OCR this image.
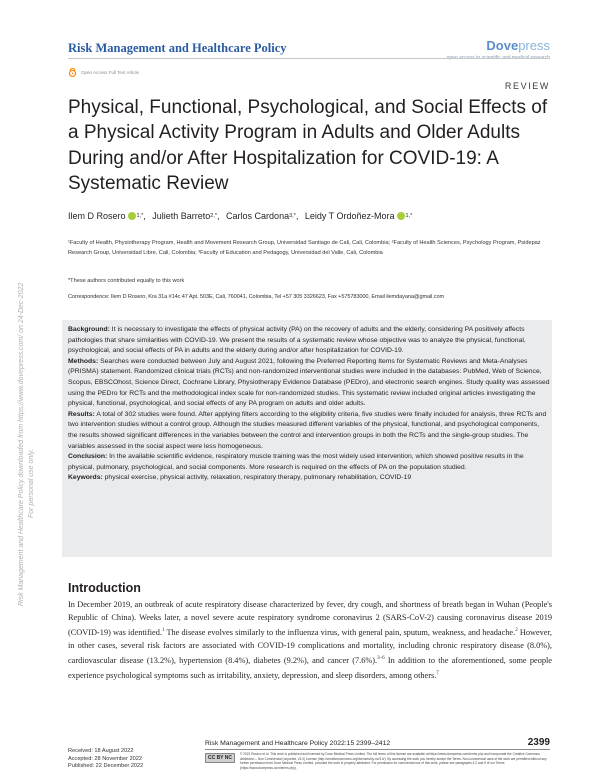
Risk Management and Healthcare Policy	Dovepress
open access to scientific and medical research
Open Access Full Text Article
REVIEW
Physical, Functional, Psychological, and Social Effects of a Physical Activity Program in Adults and Older Adults During and/or After Hospitalization for COVID-19: A Systematic Review
Ilem D Rosero 1,* , Julieth Barreto 2,* , Carlos Cardona 3,* , Leidy T Ordoñez-Mora 1,*
¹Faculty of Health, Physiotherapy Program, Health and Movement Research Group, Universidad Santiago de Cali, Cali, Colombia; ²Faculty of Health Sciences, Psychology Program, Psidepaz Research Group, Universidad Libre, Cali, Colombia; ³Faculty of Education and Pedagogy, Universidad del Valle, Cali, Colombia
*These authors contributed equally to this work
Correspondence: Ilem D Rosero, Kra 31a #14c 47 Apt. 503E, Cali, 760041, Colombia, Tel +57 305 3326623, Fax +575783000, Email ilemdayana@gmail.com

Background: It is necessary to investigate the effects of physical activity (PA) on the recovery of adults and the elderly, considering PA positively affects pathologies that share similarities with COVID-19. We present the results of a systematic review whose objective was to analyze the physical, functional, psychological, and social effects of PA in adults and the elderly during and/or after hospitalization for COVID-19.

Methods: Searches were conducted between July and August 2021, following the Preferred Reporting Items for Systematic Reviews and Meta-Analyses (PRISMA) statement. Randomized clinical trials (RCTs) and non-randomized interventional studies were included in the databases: PubMed, Web of Science, Scopus, EBSCOhost, Science Direct, Cochrane Library, Physiotherapy Evidence Database (PEDro), and electronic search engines. Study quality was assessed using the PEDro for RCTs and the methodological index scale for non-randomized studies. This systematic review included original articles investigating the physical, functional, psychological, and social effects of any PA program on adults and older adults.

Results: A total of 302 studies were found. After applying filters according to the eligibility criteria, five studies were finally included for analysis, three RCTs and two intervention studies without a control group. Although the studies measured different variables of the physical, functional, and psychological components, the results showed significant differences in the variables between the control and intervention groups in both the RCTs and the single-group studies. The variables assessed in the social aspect were less homogeneous.

Conclusion: In the available scientific evidence, respiratory muscle training was the most widely used intervention, which showed positive results in the physical, pulmonary, psychological, and social components. More research is required on the effects of PA on the population studied.

Keywords: physical exercise, physical activity, relaxation, respiratory therapy, pulmonary rehabilitation, COVID-19

Introduction
In December 2019, an outbreak of acute respiratory disease characterized by fever, dry cough, and shortness of breath began in Wuhan (People's Republic of China). Weeks later, a novel severe acute respiratory syndrome coronavirus 2 (SARS-CoV-2) causing coronavirus disease 2019 (COVID-19) was identified.$^1$ The disease evolves similarly to the influenza virus, with general pain, sputum, weakness, and headache.$^2$ However, in other cases, several risk factors are associated with COVID-19 complications and mortality, including chronic respiratory disease (8.0%), cardiovascular disease (13.2%), hypertension (8.4%), diabetes (9.2%), and cancer (7.6%).$^{3-6}$ In addition to the aforementioned, some people experience psychological symptoms such as irritability, anxiety, depression, and sleep disorders, among others.$^7$
Risk Management and Healthcare Policy downloaded from https://www.dovepress.com/ on 24-Dec-2022 For personal use only.
Received: 18 August 2022
Accepted: 28 November 2022
Published: 22 December 2022
Risk Management and Healthcare Policy 2022:15 2399–2412	2399
CC BY NC
© 2022 Rosero et al. This work is published and licensed by Dove Medical Press Limited. The full terms of this license are available at https://www.dovepress.com/terms.php and incorporate the Creative Commons Attribution – Non Commercial (unported, v3.0) License (http://creativecommons.org/licenses/by-nc/3.0/). By accessing the work you hereby accept the Terms. Non-commercial uses of the work are permitted without any further permission from Dove Medical Press Limited, provided the work is properly attributed. For permission for commercial use of this work, please see paragraphs 4.2 and 5 of our Terms (https://www.dovepress.com/terms.php).
